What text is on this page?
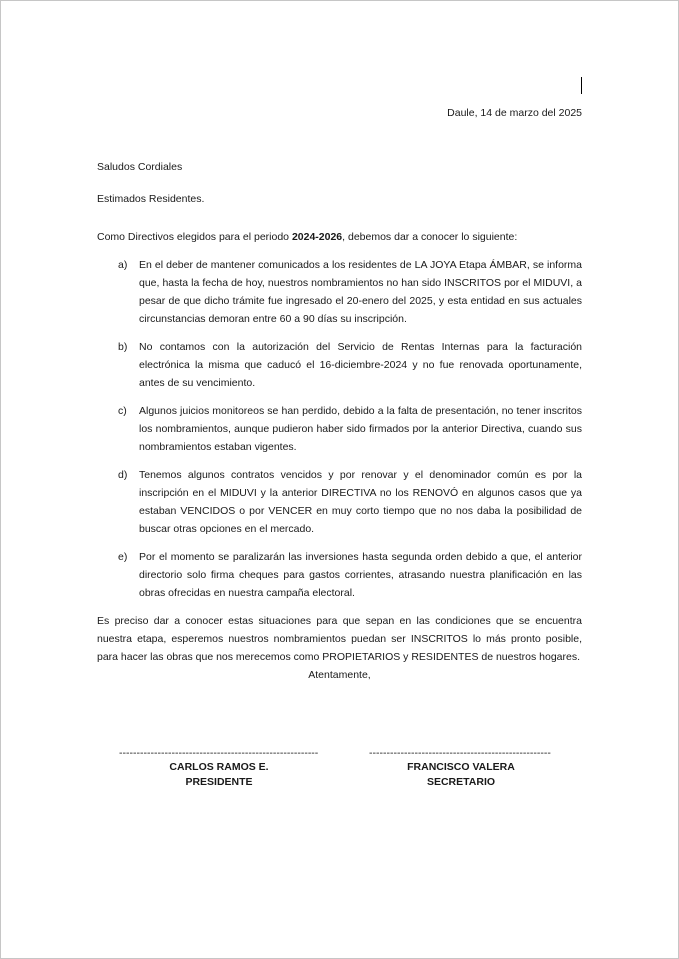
Daule, 14 de marzo del 2025
Saludos Cordiales
Estimados Residentes.

Como Directivos elegidos para el periodo 2024-2026, debemos dar a conocer lo siguiente:

a) En el deber de mantener comunicados a los residentes de LA JOYA Etapa ÁMBAR, se informa que, hasta la fecha de hoy, nuestros nombramientos no han sido INSCRITOS por el MIDUVI, a pesar de que dicho trámite fue ingresado el 20-enero del 2025, y esta entidad en sus actuales circunstancias demoran entre 60 a 90 días su inscripción.
b) No contamos con la autorización del Servicio de Rentas Internas para la facturación electrónica la misma que caducó el 16-diciembre-2024 y no fue renovada oportunamente, antes de su vencimiento.
c) Algunos juicios monitoreos se han perdido, debido a la falta de presentación, no tener inscritos los nombramientos, aunque pudieron haber sido firmados por la anterior Directiva, cuando sus nombramientos estaban vigentes.
d) Tenemos algunos contratos vencidos y por renovar y el denominador común es por la inscripción en el MIDUVI y la anterior DIRECTIVA no los RENOVÓ en algunos casos que ya estaban VENCIDOS o por VENCER en muy corto tiempo que no nos daba la posibilidad de buscar otras opciones en el mercado.
e) Por el momento se paralizarán las inversiones hasta segunda orden debido a que, el anterior directorio solo firma cheques para gastos corrientes, atrasando nuestra planificación en las obras ofrecidas en nuestra campaña electoral.

Es preciso dar a conocer estas situaciones para que sepan en las condiciones que se encuentra nuestra etapa, esperemos nuestros nombramientos puedan ser INSCRITOS lo más pronto posible, para hacer las obras que nos merecemos como PROPIETARIOS y RESIDENTES de nuestros hogares.

Atentamente,
---------------------------------------------------------
CARLOS RAMOS E.
PRESIDENTE
----------------------------------------------------
FRANCISCO VALERA
SECRETARIO
